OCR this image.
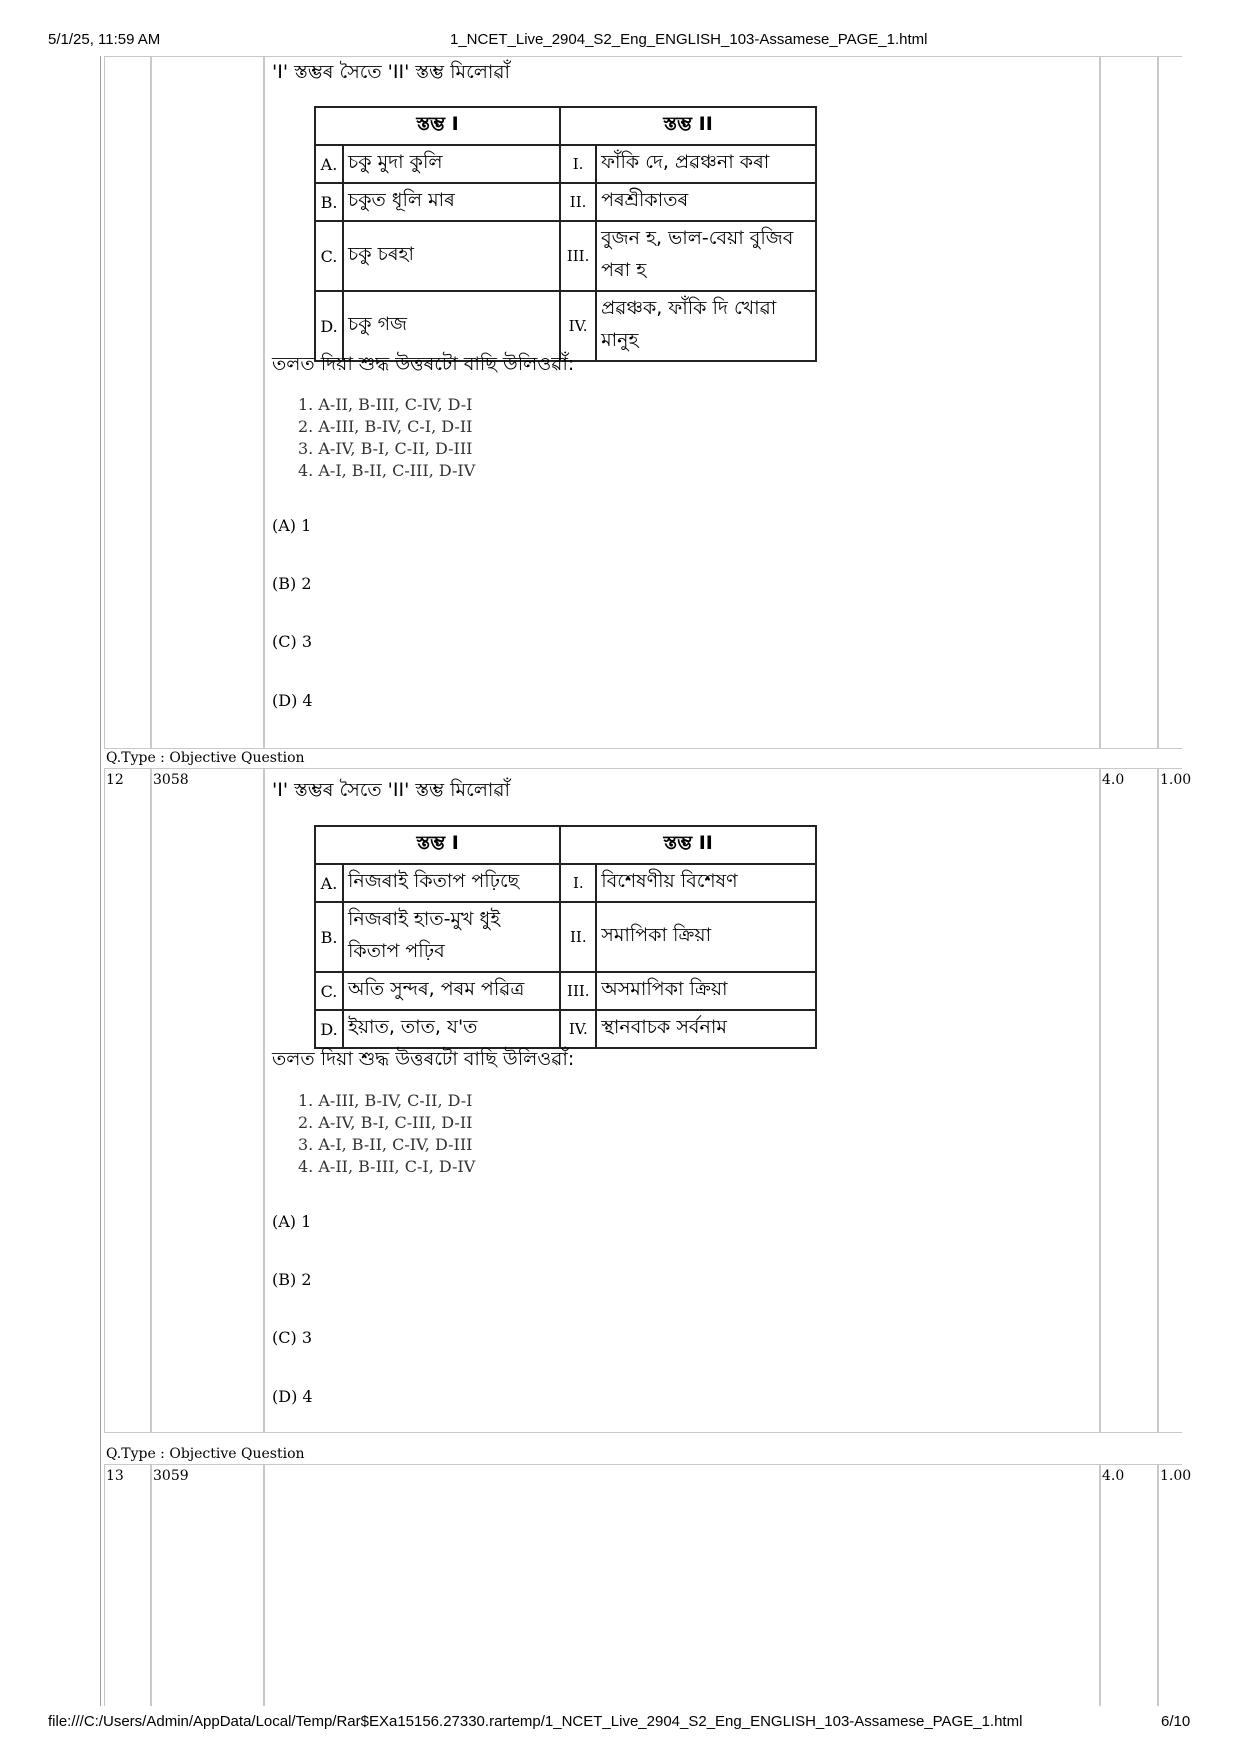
5/1/25, 11:59 AM	1_NCET_Live_2904_S2_Eng_ENGLISH_103-Assamese_PAGE_1.html
file:///C:/Users/Admin/AppData/Local/Temp/Rar$EXa15156.27330.rartemp/1_NCET_Live_2904_S2_Eng_ENGLISH_103-Assamese_PAGE_1.html	6/10
'I' স্তম্ভৰ সৈতে 'II' স্তম্ভ মিলোৱাঁ
স্তম্ভ I		স্তম্ভ II	
A.	চকু মুদা কুলি	I.	ফাঁকি দে, প্ৰৱঞ্চনা কৰা
B.	চকুত ধূলি মাৰ	II.	পৰশ্ৰীকাতৰ
C.	চকু চৰহা	III.	বুজন হ, ভাল-বেয়া বুজিব পৰা হ
D.	চকু গজ	IV.	প্ৰৱঞ্চক, ফাঁকি দি খোৱা মানুহ
তলত দিয়া শুদ্ধ উত্তৰটো বাছি উলিওৱাঁ:
1. A-II, B-III, C-IV, D-I
2. A-III, B-IV, C-I, D-II
3. A-IV, B-I, C-II, D-III
4. A-I, B-II, C-III, D-IV
(A) 1
(B) 2
(C) 3
(D) 4
Q.Type : Objective Question
12 3058	4.0	1.00
'I' স্তম্ভৰ সৈতে 'II' স্তম্ভ মিলোৱাঁ
স্তম্ভ I		স্তম্ভ II	
A.	নিজৰাই কিতাপ পঢ়িছে	I.	বিশেষণীয় বিশেষণ
B.	নিজৰাই হাত-মুখ ধুই কিতাপ পঢ়িব	II.	সমাপিকা ক্ৰিয়া
C.	অতি সুন্দৰ, পৰম পৱিত্ৰ	III.	অসমাপিকা ক্ৰিয়া
D.	ইয়াত, তাত, য'ত	IV.	স্থানবাচক সৰ্বনাম
তলত দিয়া শুদ্ধ উত্তৰটো বাছি উলিওৱাঁ:
1. A-III, B-IV, C-II, D-I
2. A-IV, B-I, C-III, D-II
3. A-I, B-II, C-IV, D-III
4. A-II, B-III, C-I, D-IV
(A) 1
(B) 2
(C) 3
(D) 4
Q.Type : Objective Question
13 3059	4.0	1.00
